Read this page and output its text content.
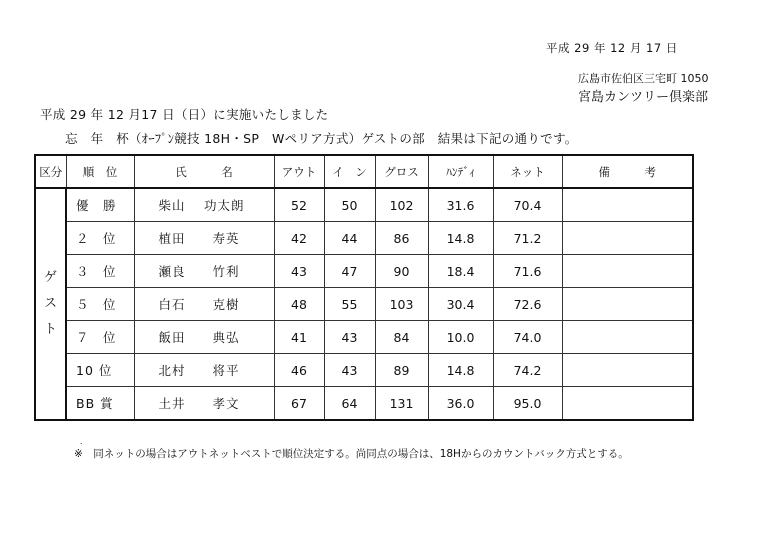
平成 29 年 12 月 17 日
広島市佐伯区三宅町 1050
宮島カンツリー倶楽部
平成 29 年 12 月17 日（日）に実施いたしました
忘　年　杯（ｵｰﾌﾟﾝ競技 18H・SP　Wペリア方式）ゲストの部　結果は下記の通りです。
区分	順　位	氏　　　名	アウト	イ　ン	グロス	ﾊﾝﾃﾞｨ	ネット	備　　　考

ゲ
ス
ト	優　勝	柴山　 功太朗	52	50	102	31.6	70.4	
	２　位	植田　　寿英	42	44	86	14.8	71.2	
	３　位	瀬良　　竹利	43	47	90	18.4	71.6	
	５　位	白石　　克樹	48	55	103	30.4	72.6	
	７　位	飯田　　典弘	41	43	84	10.0	74.0	
	10 位	北村　　将平	46	43	89	14.8	74.2	
	BB 賞	土井　　孝文	67	64	131	36.0	95.0	
．
※　同ネットの場合はアウトネットベストで順位決定する。尚同点の場合は、18Hからのカウントバック方式とする。
